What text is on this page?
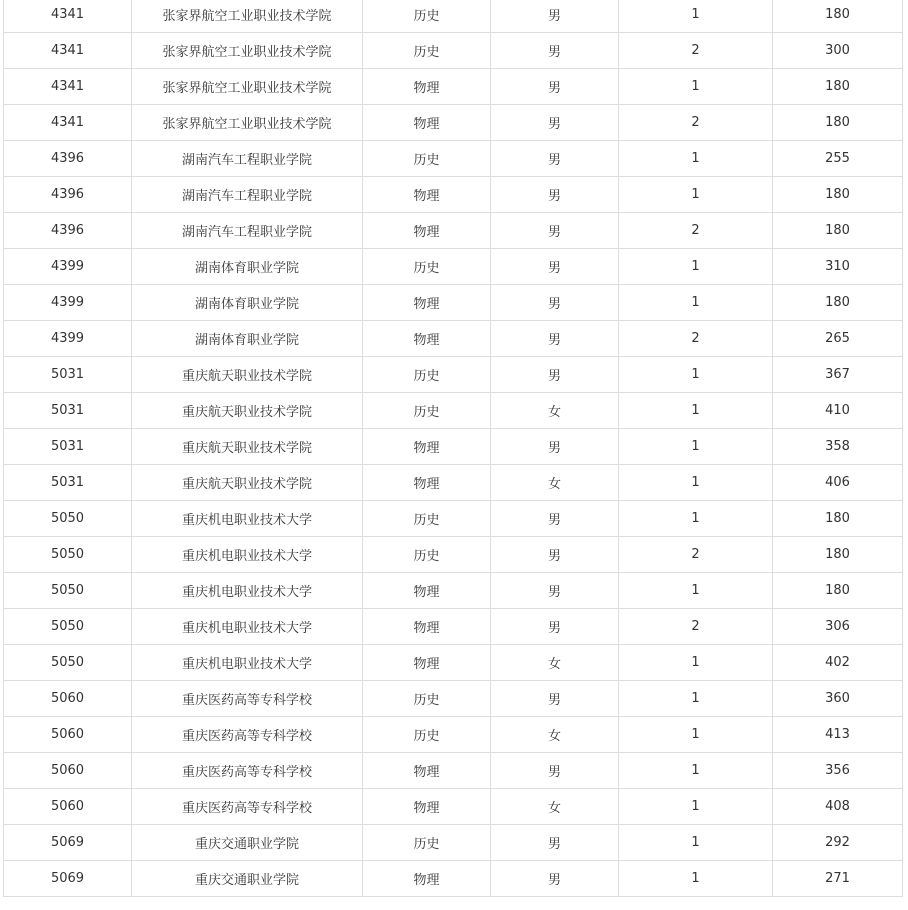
4341	张家界航空工业职业技术学院	历史	男	1	180
4341	张家界航空工业职业技术学院	历史	男	2	300
4341	张家界航空工业职业技术学院	物理	男	1	180
4341	张家界航空工业职业技术学院	物理	男	2	180
4396	湖南汽车工程职业学院	历史	男	1	255
4396	湖南汽车工程职业学院	物理	男	1	180
4396	湖南汽车工程职业学院	物理	男	2	180
4399	湖南体育职业学院	历史	男	1	310
4399	湖南体育职业学院	物理	男	1	180
4399	湖南体育职业学院	物理	男	2	265
5031	重庆航天职业技术学院	历史	男	1	367
5031	重庆航天职业技术学院	历史	女	1	410
5031	重庆航天职业技术学院	物理	男	1	358
5031	重庆航天职业技术学院	物理	女	1	406
5050	重庆机电职业技术大学	历史	男	1	180
5050	重庆机电职业技术大学	历史	男	2	180
5050	重庆机电职业技术大学	物理	男	1	180
5050	重庆机电职业技术大学	物理	男	2	306
5050	重庆机电职业技术大学	物理	女	1	402
5060	重庆医药高等专科学校	历史	男	1	360
5060	重庆医药高等专科学校	历史	女	1	413
5060	重庆医药高等专科学校	物理	男	1	356
5060	重庆医药高等专科学校	物理	女	1	408
5069	重庆交通职业学院	历史	男	1	292
5069	重庆交通职业学院	物理	男	1	271
